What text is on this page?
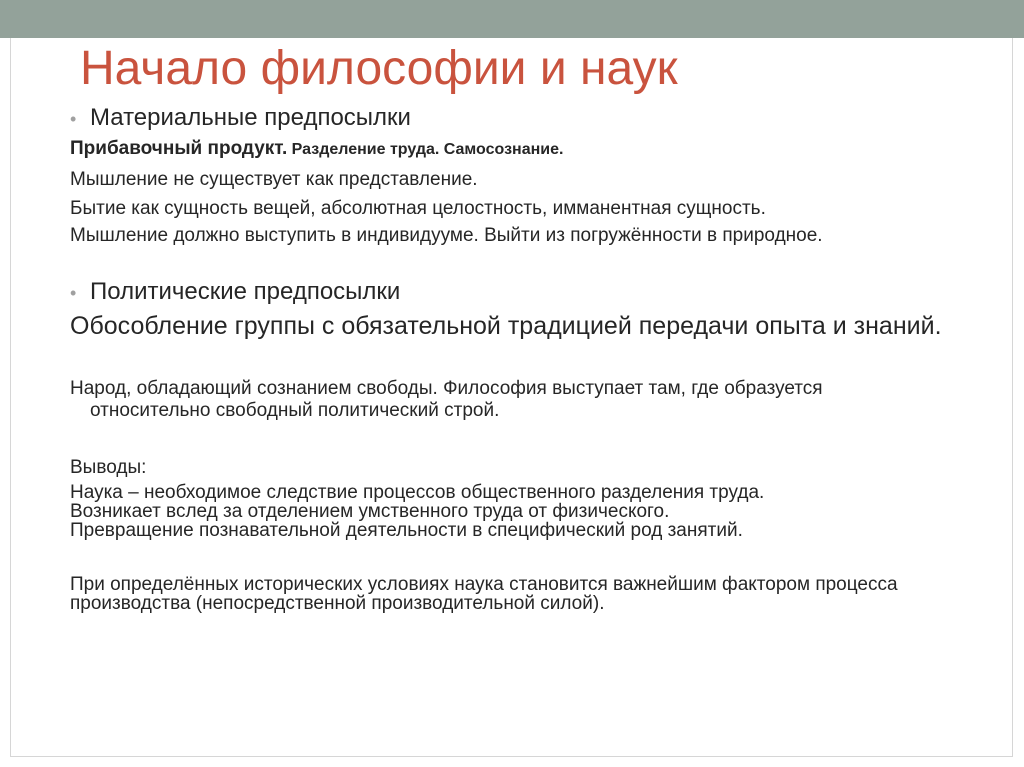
Начало философии и наук
• Материальные предпосылки
Прибавочный продукт. Разделение труда. Самосознание.
Мышление не существует как представление.
Бытие как сущность вещей, абсолютная целостность, имманентная сущность.
Мышление должно выступить в индивидууме. Выйти из погружённости в природное.
• Политические предпосылки
Обособление группы с обязательной традицией передачи опыта и знаний.
Народ, обладающий сознанием свободы. Философия выступает там, где образуется относительно свободный политический строй.
Выводы:
Наука – необходимое следствие процессов общественного разделения труда.
Возникает вслед за отделением умственного труда от физического.
Превращение познавательной деятельности в специфический род занятий.
При определённых исторических условиях наука становится важнейшим фактором процесса производства (непосредственной производительной силой).
